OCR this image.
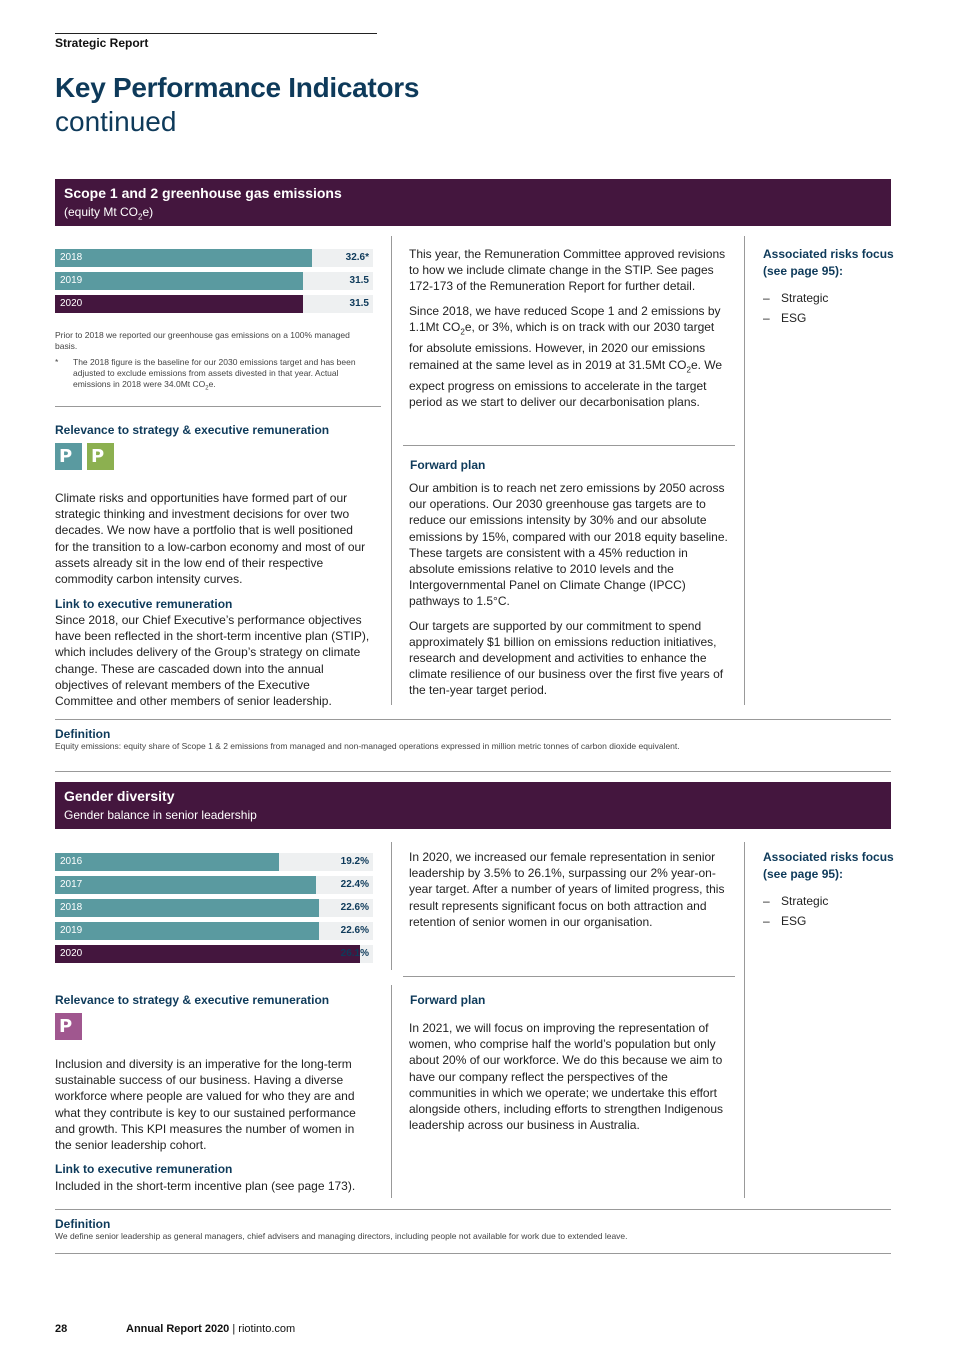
Strategic Report
Key Performance Indicators
continued
Scope 1 and 2 greenhouse gas emissions
(equity Mt $CO_2e$)
2018	32.6*
2019	31.5
2020	31.5
Prior to 2018 we reported our greenhouse gas emissions on a 100% managed basis.
* The 2018 figure is the baseline for our 2030 emissions target and has been adjusted to exclude emissions from assets divested in that year. Actual emissions in 2018 were 34.0Mt $CO_2e$.
Relevance to strategy & executive remuneration
P	P
Climate risks and opportunities have formed part of our strategic thinking and investment decisions for over two decades. We now have a portfolio that is well positioned for the transition to a low-carbon economy and most of our assets already sit in the low end of their respective commodity carbon intensity curves.
Link to executive remuneration
Since 2018, our Chief Executive’s performance objectives have been reflected in the short-term incentive plan (STIP), which includes delivery of the Group’s strategy on climate change. These are cascaded down into the annual objectives of relevant members of the Executive Committee and other members of senior leadership.

This year, the Remuneration Committee approved revisions to how we include climate change in the STIP. See pages 172-173 of the Remuneration Report for further detail.

Since 2018, we have reduced Scope 1 and 2 emissions by 1.1Mt $CO_2e$, or 3%, which is on track with our 2030 target for absolute emissions. However, in 2020 our emissions remained at the same level as in 2019 at 31.5Mt $CO_2e$. We expect progress on emissions to accelerate in the target period as we start to deliver our decarbonisation plans.

Forward plan

Our ambition is to reach net zero emissions by 2050 across our operations. Our 2030 greenhouse gas targets are to reduce our emissions intensity by 30% and our absolute emissions by 15%, compared with our 2018 equity baseline. These targets are consistent with a 45% reduction in absolute emissions relative to 2010 levels and the Intergovernmental Panel on Climate Change (IPCC) pathways to 1.5°C.

Our targets are supported by our commitment to spend approximately $1 billion on emissions reduction initiatives, research and development and activities to enhance the climate resilience of our business over the first five years of the ten-year target period.

Associated risks focus (see page 95):
– Strategic
– ESG
Definition
Equity emissions: equity share of Scope 1 & 2 emissions from managed and non-managed operations expressed in million metric tonnes of carbon dioxide equivalent.
Gender diversity
Gender balance in senior leadership
2016	19.2%
2017	22.4%
2018	22.6%
2019	22.6%
2020	26.1%
In 2020, we increased our female representation in senior leadership by 3.5% to 26.1%, surpassing our 2% year-on-year target. After a number of years of limited progress, this result represents significant focus on both attraction and retention of senior women in our organisation.
Relevance to strategy & executive remuneration
P
Inclusion and diversity is an imperative for the long-term sustainable success of our business. Having a diverse workforce where people are valued for who they are and what they contribute is key to our sustained performance and growth. This KPI measures the number of women in the senior leadership cohort.
Link to executive remuneration
Included in the short-term incentive plan (see page 173).
Forward plan
In 2021, we will focus on improving the representation of women, who comprise half the world’s population but only about 20% of our workforce. We do this because we aim to have our company reflect the perspectives of the communities in which we operate; we undertake this effort alongside others, including efforts to strengthen Indigenous leadership across our business in Australia.
Associated risks focus (see page 95):
– Strategic
– ESG
Definition
We define senior leadership as general managers, chief advisers and managing directors, including people not available for work due to extended leave.
28	Annual Report 2020 | riotinto.com
